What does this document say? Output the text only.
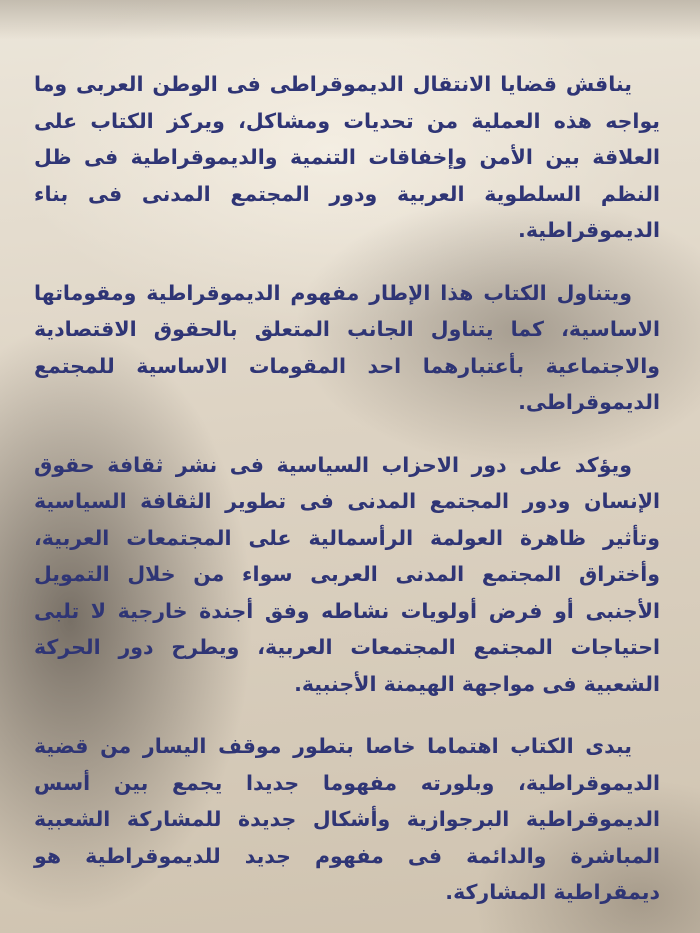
يناقش قضايا الانتقال الديموقراطى فى الوطن العربى وما يواجه هذه العملية من تحديات ومشاكل، ويركز الكتاب على العلاقة بين الأمن وإخفاقات التنمية والديموقراطية فى ظل النظم السلطوية العربية ودور المجتمع المدنى فى بناء الديموقراطية.

ويتناول الكتاب هذا الإطار مفهوم الديموقراطية ومقوماتها الاساسية، كما يتناول الجانب المتعلق بالحقوق الاقتصادية والاجتماعية بأعتبارهما احد المقومات الاساسية للمجتمع الديموقراطى.

ويؤكد على دور الاحزاب السياسية فى نشر ثقافة حقوق الإنسان ودور المجتمع المدنى فى تطوير الثقافة السياسية وتأثير ظاهرة العولمة الرأسمالية على المجتمعات العربية، وأختراق المجتمع المدنى العربى سواء من خلال التمويل الأجنبى أو فرض أولويات نشاطه وفق أجندة خارجية لا تلبى احتياجات المجتمع المجتمعات العربية، ويطرح دور الحركة الشعبية فى مواجهة الهيمنة الأجنبية.

يبدى الكتاب اهتماما خاصا بتطور موقف اليسار من قضية الديموقراطية، وبلورته مفهوما جديدا يجمع بين أسس الديموقراطية البرجوازية وأشكال جديدة للمشاركة الشعبية المباشرة والدائمة فى مفهوم جديد للديموقراطية هو ديمقراطية المشاركة.
